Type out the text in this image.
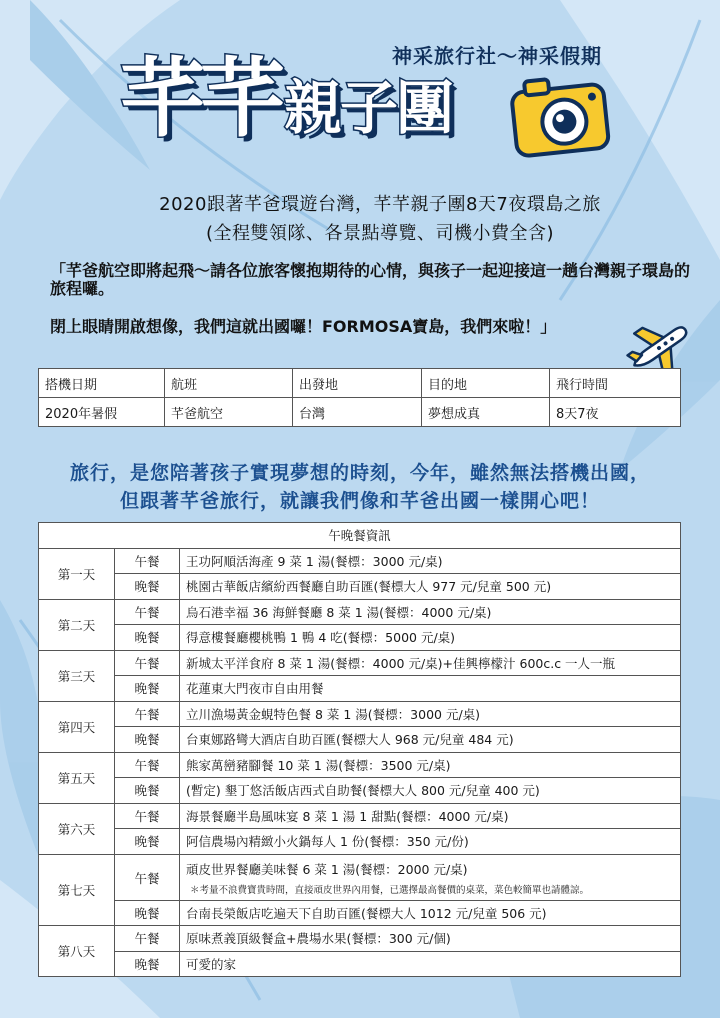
神采旅行社～神采假期
芊芊親子團
2020跟著芊爸環遊台灣，芊芊親子團8天7夜環島之旅
(全程雙領隊、各景點導覽、司機小費全含)
「芊爸航空即將起飛～請各位旅客懷抱期待的心情，與孩子一起迎接這一趟台灣親子環島的旅程囉。
閉上眼睛開啟想像，我們這就出國囉！FORMOSA寶島，我們來啦！」
搭機日期	航班	出發地	目的地	飛行時間
2020年暑假	芊爸航空	台灣	夢想成真	8天7夜
旅行，是您陪著孩子實現夢想的時刻，今年，雖然無法搭機出國，
但跟著芊爸旅行，就讓我們像和芊爸出國一樣開心吧！
午晚餐資訊		
第一天	午餐	王功阿順活海產 9 菜 1 湯(餐標：3000 元/桌)
	晚餐	桃園古華飯店繽紛西餐廳自助百匯(餐標大人 977 元/兒童 500 元)
第二天	午餐	烏石港幸福 36 海鮮餐廳 8 菜 1 湯(餐標：4000 元/桌)
	晚餐	得意樓餐廳櫻桃鴨 1 鴨 4 吃(餐標：5000 元/桌)
第三天	午餐	新城太平洋食府 8 菜 1 湯(餐標：4000 元/桌)+佳興檸檬汁 600c.c 一人一瓶
	晚餐	花蓮東大門夜市自由用餐
第四天	午餐	立川漁場黃金蜆特色餐 8 菜 1 湯(餐標：3000 元/桌)
	晚餐	台東娜路彎大酒店自助百匯(餐標大人 968 元/兒童 484 元)
第五天	午餐	熊家萬巒豬腳餐 10 菜 1 湯(餐標：3500 元/桌)
	晚餐	(暫定) 墾丁悠活飯店西式自助餐(餐標大人 800 元/兒童 400 元)
第六天	午餐	海景餐廳半島風味宴 8 菜 1 湯 1 甜點(餐標：4000 元/桌)
	晚餐	阿信農場內精緻小火鍋每人 1 份(餐標：350 元/份)
第七天	午餐	頑皮世界餐廳美味餐 6 菜 1 湯(餐標：2000 元/桌)
＊考量不浪費寶貴時間，直接頑皮世界內用餐，已選擇最高餐價的桌菜，菜色較簡單也請體諒。

	晚餐	台南長榮飯店吃遍天下自助百匯(餐標大人 1012 元/兒童 506 元)
第八天	午餐	原味煮義頂級餐盒+農場水果(餐標：300 元/個)
	晚餐	可愛的家
